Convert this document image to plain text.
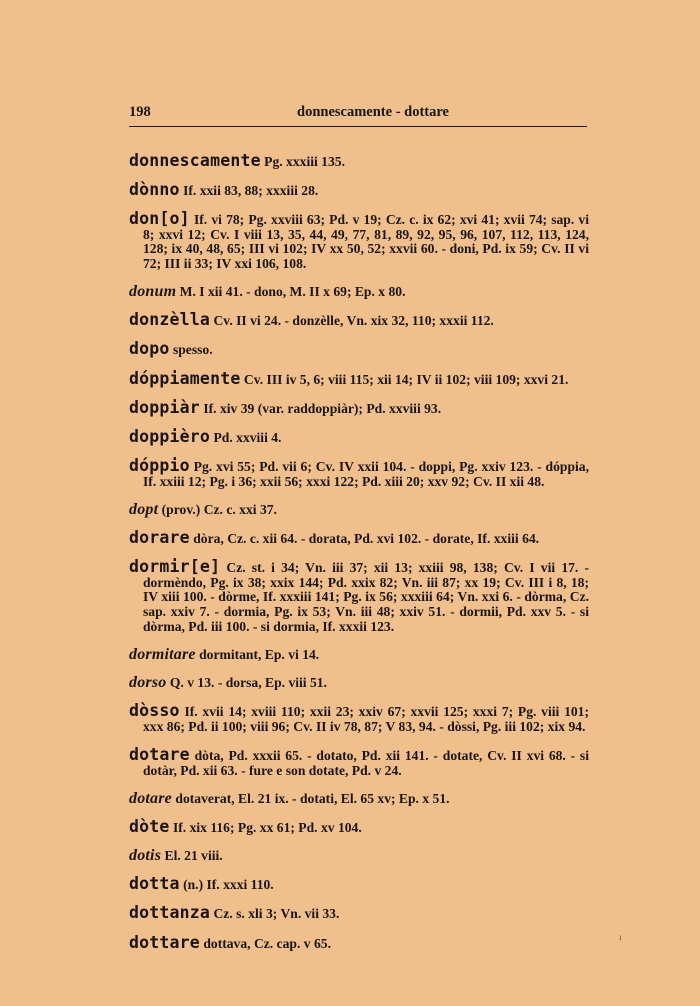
198	donnescamente - dottare

donnescamente Pg. xxxiii 135.

dònno If. xxii 83, 88; xxxiii 28.

don[o] If. vi 78; Pg. xxviii 63; Pd. v 19; Cz. c. ix 62; xvi 41; xvii 74; sap. vi 8; xxvi 12; Cv. I viii 13, 35, 44, 49, 77, 81, 89, 92, 95, 96, 107, 112, 113, 124, 128; ix 40, 48, 65; III vi 102; IV xx 50, 52; xxvii 60. - doni, Pd. ix 59; Cv. II vi 72; III ii 33; IV xxi 106, 108.

donum M. I xii 41. - dono, M. II x 69; Ep. x 80.

donzèlla Cv. II vi 24. - donzèlle, Vn. xix 32, 110; xxxii 112.

dopo spesso.

dóppiamente Cv. III iv 5, 6; viii 115; xii 14; IV ii 102; viii 109; xxvi 21.

doppiàr If. xiv 39 (var. raddoppiàr); Pd. xxviii 93.

doppièro Pd. xxviii 4.

dóppio Pg. xvi 55; Pd. vii 6; Cv. IV xxii 104. - doppi, Pg. xxiv 123. - dóppia, If. xxiii 12; Pg. i 36; xxii 56; xxxi 122; Pd. xiii 20; xxv 92; Cv. II xii 48.

dopt (prov.) Cz. c. xxi 37.

dorare dòra, Cz. c. xii 64. - dorata, Pd. xvi 102. - dorate, If. xxiii 64.

dormir[e] Cz. st. i 34; Vn. iii 37; xii 13; xxiii 98, 138; Cv. I vii 17. - dormèndo, Pg. ix 38; xxix 144; Pd. xxix 82; Vn. iii 87; xx 19; Cv. III i 8, 18; IV xiii 100. - dòrme, If. xxxiii 141; Pg. ix 56; xxxiii 64; Vn. xxi 6. - dòrma, Cz. sap. xxiv 7. - dormia, Pg. ix 53; Vn. iii 48; xxiv 51. - dormii, Pd. xxv 5. - si dòrma, Pd. iii 100. - si dormia, If. xxxii 123.

dormitare dormitant, Ep. vi 14.

dorso Q. v 13. - dorsa, Ep. viii 51.

dòsso If. xvii 14; xviii 110; xxii 23; xxiv 67; xxvii 125; xxxi 7; Pg. viii 101; xxx 86; Pd. ii 100; viii 96; Cv. II iv 78, 87; V 83, 94. - dòssi, Pg. iii 102; xix 94.

dotare dòta, Pd. xxxii 65. - dotato, Pd. xii 141. - dotate, Cv. II xvi 68. - si dotàr, Pd. xii 63. - fure e son dotate, Pd. v 24.

dotare dotaverat, El. 21 ix. - dotati, El. 65 xv; Ep. x 51.

dòte If. xix 116; Pg. xx 61; Pd. xv 104.

dotis El. 21 viii.

dotta (n.) If. xxxi 110.

dottanza Cz. s. xli 3; Vn. vii 33.

dottare dottava, Cz. cap. v 65.	ı
